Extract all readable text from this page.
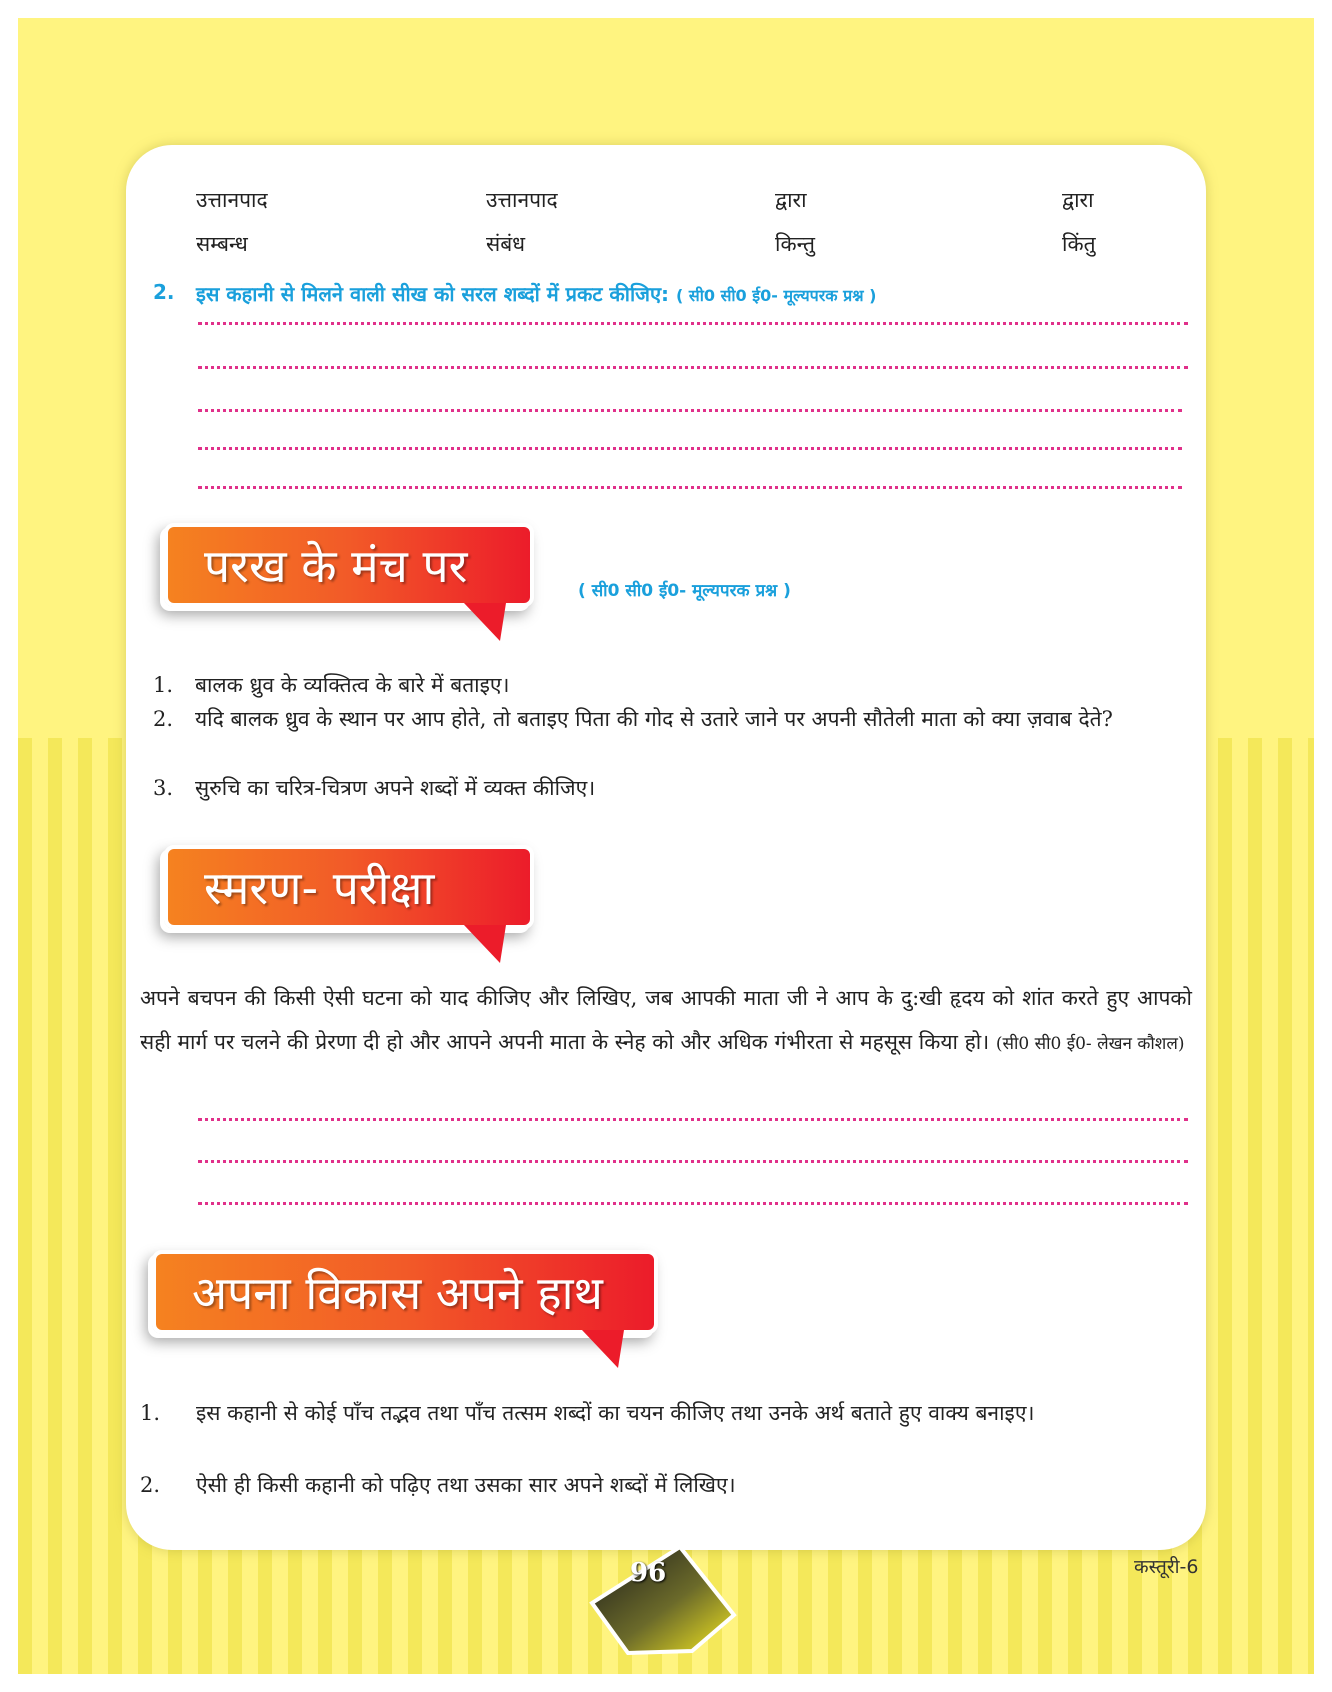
उत्तानपाद	उत्तानपाद	द्वारा	द्वारा
सम्बन्ध	संबंध	किन्तु	किंतु
2. इस कहानी से मिलने वाली सीख को सरल शब्दों में प्रकट कीजिए: ( सी0 सी0 ई0- मूल्यपरक प्रश्न )
परख के मंच पर	( सी0 सी0 ई0- मूल्यपरक प्रश्न )
1. बालक ध्रुव के व्यक्तित्व के बारे में बताइए।
2. यदि बालक ध्रुव के स्थान पर आप होते, तो बताइए पिता की गोद से उतारे जाने पर अपनी सौतेली माता को क्या ज़वाब देते?
3. सुरुचि का चरित्र-चित्रण अपने शब्दों में व्यक्त कीजिए।
स्मरण- परीक्षा
अपने बचपन की किसी ऐसी घटना को याद कीजिए और लिखिए, जब आपकी माता जी ने आप के दु:खी हृदय को शांत करते हुए आपको सही मार्ग पर चलने की प्रेरणा दी हो और आपने अपनी माता के स्नेह को और अधिक गंभीरता से महसूस किया हो। (सी0 सी0 ई0- लेखन कौशल)
अपना विकास अपने हाथ
1. इस कहानी से कोई पाँच तद्भव तथा पाँच तत्सम शब्दों का चयन कीजिए तथा उनके अर्थ बताते हुए वाक्य बनाइए।
2. ऐसी ही किसी कहानी को पढ़िए तथा उसका सार अपने शब्दों में लिखिए।
96	कस्तूरी-6
